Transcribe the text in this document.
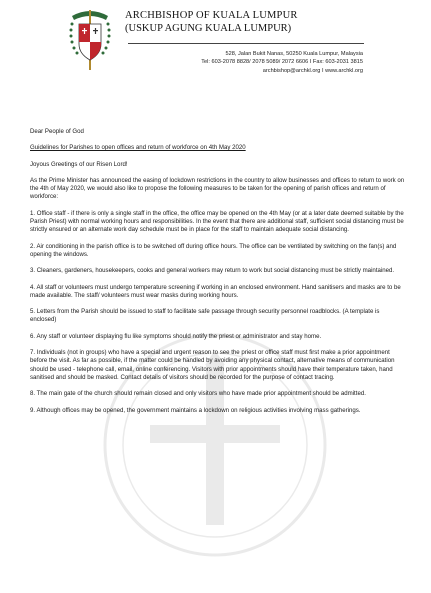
ARCHBISHOP OF KUALA LUMPUR
(USKUP AGUNG KUALA LUMPUR)
528, Jalan Bukit Nanas, 50250 Kuala Lumpur, Malaysia
Tel: 603-2078 8828/ 2078 5089/ 2072 6606 I Fax: 603-2031 3815
archbishop@archkl.org I www.archkl.org

Dear People of God

Guidelines for Parishes to open offices and return of workforce on 4th May 2020

Joyous Greetings of our Risen Lord!

As the Prime Minister has announced the easing of lockdown restrictions in the country to allow businesses and offices to return to work on the 4th of May 2020, we would also like to propose the following measures to be taken for the opening of parish offices and return of workforce:

1. Office staff - if there is only a single staff in the office, the office may be opened on the 4th May (or at a later date deemed suitable by the Parish Priest) with normal working hours and responsibilities. In the event that there are additional staff, sufficient social distancing must be strictly ensured or an alternate work day schedule must be in place for the staff to maintain adequate social distancing.

2. Air conditioning in the parish office is to be switched off during office hours. The office can be ventilated by switching on the fan(s) and opening the windows.

3. Cleaners, gardeners, housekeepers, cooks and general workers may return to work but social distancing must be strictly maintained.

4. All staff or volunteers must undergo temperature screening if working in an enclosed environment. Hand sanitisers and masks are to be made available. The staff/ volunteers must wear masks during working hours.

5. Letters from the Parish should be issued to staff to facilitate safe passage through security personnel roadblocks. (A template is enclosed)

6. Any staff or volunteer displaying flu like symptoms should notify the priest or administrator and stay home.

7. Individuals (not in groups) who have a special and urgent reason to see the priest or office staff must first make a prior appointment before the visit. As far as possible, if the matter could be handled by avoiding any physical contact, alternative means of communication should be used - telephone call, email, online conferencing. Visitors with prior appointments should have their temperature taken, hand sanitised and should be masked. Contact details of visitors should be recorded for the purpose of contact tracing.

8. The main gate of the church should remain closed and only visitors who have made prior appointment should be admitted.

9. Although offices may be opened, the government maintains a lockdown on religious activities involving mass gatherings.
